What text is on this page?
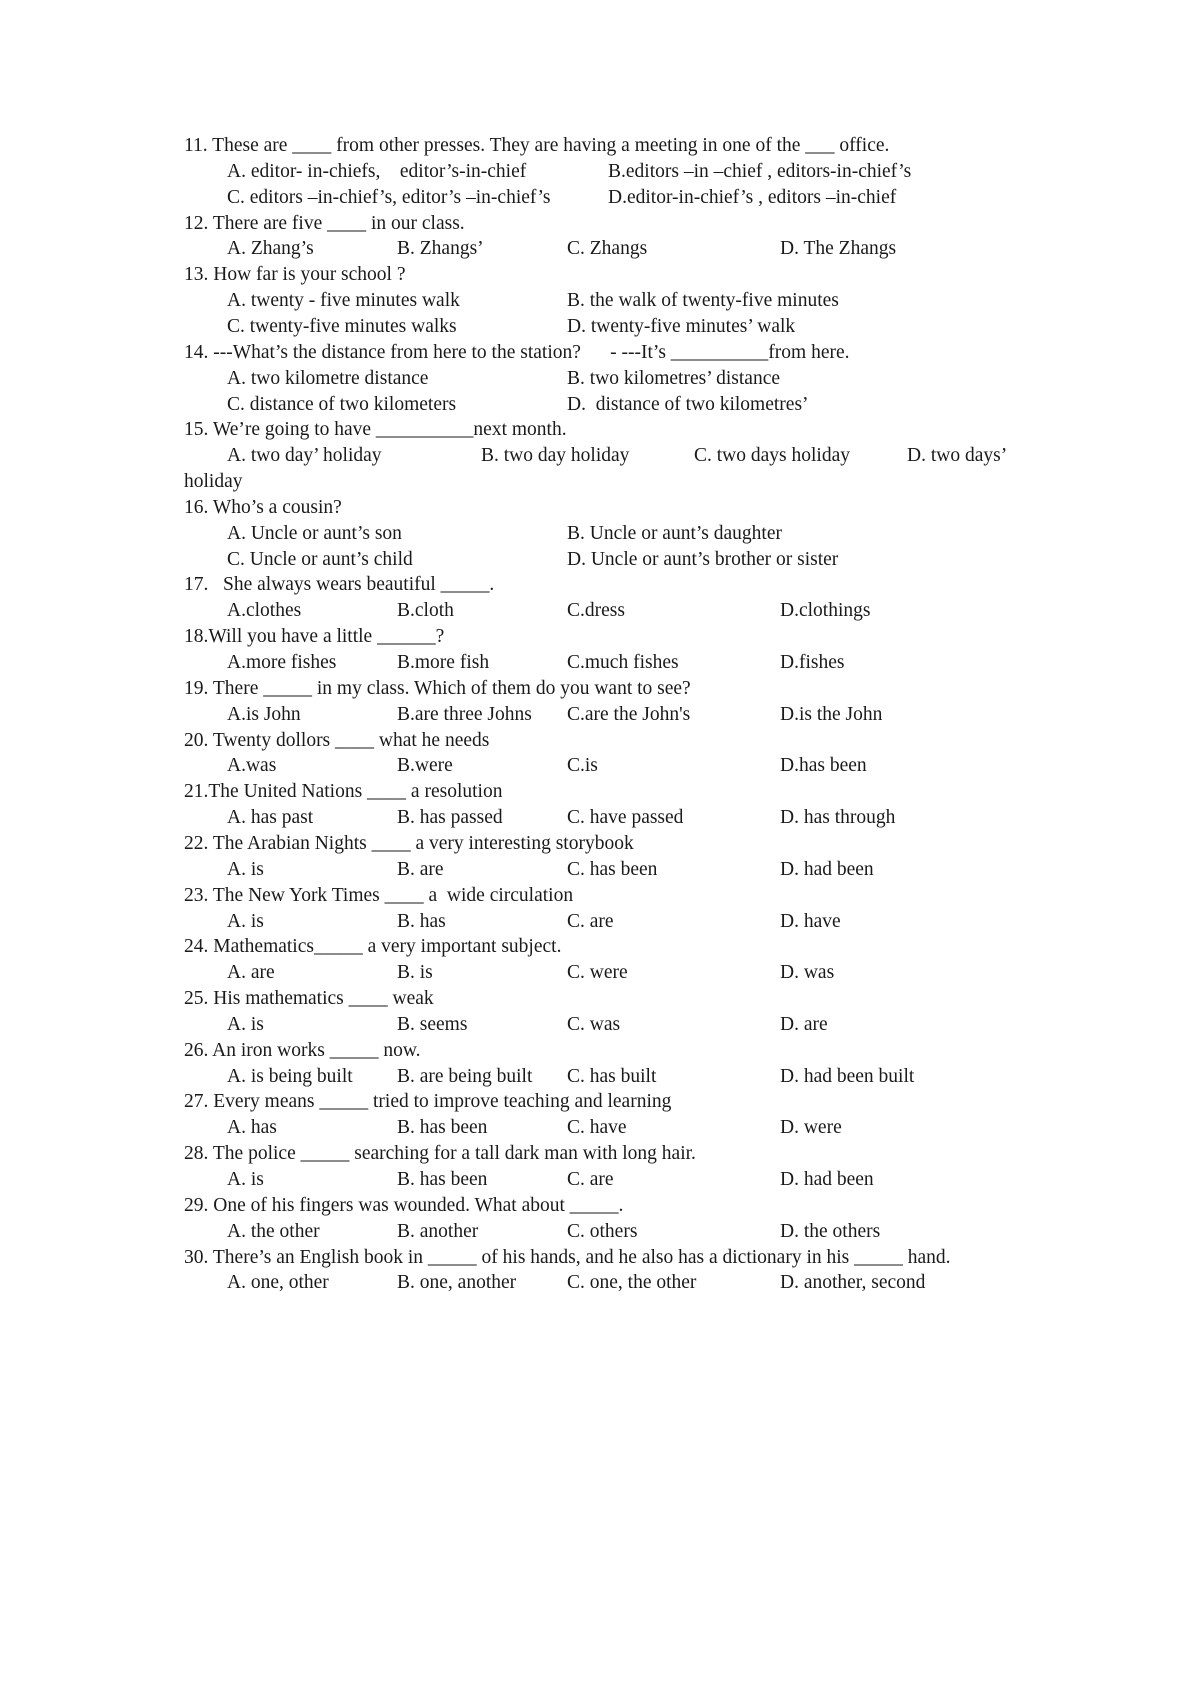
11. These are ____ from other presses. They are having a meeting in one of the ___ office.
A. editor- in-chiefs,    editor’s-in-chief	B.editors –in –chief , editors-in-chief’s
C. editors –in-chief’s, editor’s –in-chief’s	D.editor-in-chief’s , editors –in-chief
12. There are five ____ in our class.
A. Zhang’s	B. Zhangs’	C. Zhangs	D. The Zhangs
13. How far is your school ?
A. twenty - five minutes walk	B. the walk of twenty-five minutes
C. twenty-five minutes walks	D. twenty-five minutes’ walk
14. ---What’s the distance from here to the station?      - ---It’s __________from here.
A. two kilometre distance	B. two kilometres’ distance
C. distance of two kilometers	D.  distance of two kilometres’
15. We’re going to have __________next month.
A. two day’ holiday	B. two day holiday	C. two days holiday	D. two days’
holiday
16. Who’s a cousin?
A. Uncle or aunt’s son	B. Uncle or aunt’s daughter
C. Uncle or aunt’s child	D. Uncle or aunt’s brother or sister
17.   She always wears beautiful _____.
A.clothes	B.cloth	C.dress	D.clothings
18.Will you have a little ______?
A.more fishes	B.more fish	C.much fishes	D.fishes
19. There _____ in my class. Which of them do you want to see?
A.is John	B.are three Johns C.are the John's	D.is the John
20. Twenty dollors ____ what he needs
A.was	B.were	C.is	D.has been
21.The United Nations ____ a resolution
A. has past	B. has passed	C. have passed	D. has through
22. The Arabian Nights ____ a very interesting storybook
A. is	B. are	C. has been	D. had been
23. The New York Times ____ a  wide circulation
A. is	B. has	C. are	D. have
24. Mathematics_____ a very important subject.
A. are	B. is	C. were	D. was
25. His mathematics ____ weak
A. is	B. seems	C. was	D. are
26. An iron works _____ now.
A. is being built B. are being built C. has built	D. had been built
27. Every means _____ tried to improve teaching and learning
A. has	B. has been	C. have	D. were
28. The police _____ searching for a tall dark man with long hair.
A. is	B. has been	C. are	D. had been
29. One of his fingers was wounded. What about _____.
A. the other	B. another	C. others	D. the others
30. There’s an English book in _____ of his hands, and he also has a dictionary in his _____ hand.
A. one, other	B. one, another	C. one, the other	D. another, second
